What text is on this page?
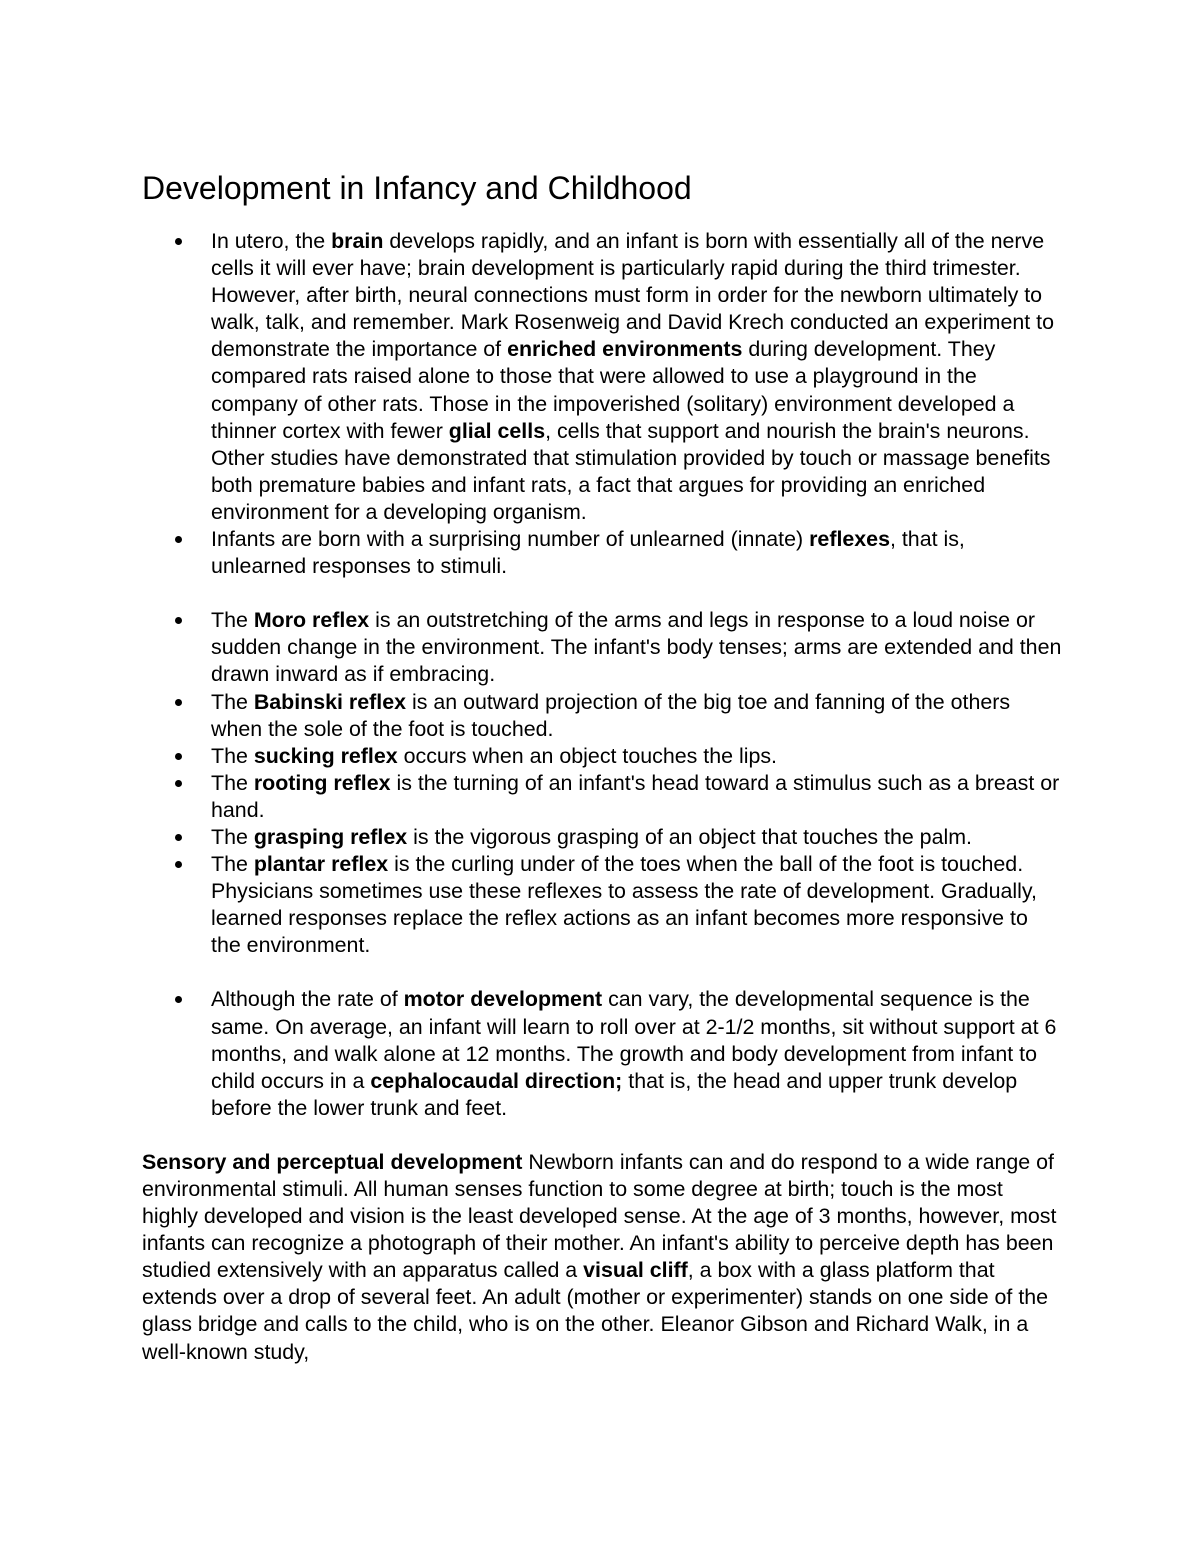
Development in Infancy and Childhood
In utero, the brain develops rapidly, and an infant is born with essentially all of the nerve cells it will ever have; brain development is particularly rapid during the third trimester. However, after birth, neural connections must form in order for the newborn ultimately to walk, talk, and remember. Mark Rosenweig and David Krech conducted an experiment to demonstrate the importance of enriched environments during development. They compared rats raised alone to those that were allowed to use a playground in the company of other rats. Those in the impoverished (solitary) environment developed a thinner cortex with fewer glial cells, cells that support and nourish the brain's neurons. Other studies have demonstrated that stimulation provided by touch or massage benefits both premature babies and infant rats, a fact that argues for providing an enriched environment for a developing organism.
Infants are born with a surprising number of unlearned (innate) reflexes, that is, unlearned responses to stimuli.
The Moro reflex is an outstretching of the arms and legs in response to a loud noise or sudden change in the environment. The infant's body tenses; arms are extended and then drawn inward as if embracing.
The Babinski reflex is an outward projection of the big toe and fanning of the others when the sole of the foot is touched.
The sucking reflex occurs when an object touches the lips.
The rooting reflex is the turning of an infant's head toward a stimulus such as a breast or hand.
The grasping reflex is the vigorous grasping of an object that touches the palm.
The plantar reflex is the curling under of the toes when the ball of the foot is touched. Physicians sometimes use these reflexes to assess the rate of development. Gradually, learned responses replace the reflex actions as an infant becomes more responsive to the environment.
Although the rate of motor development can vary, the developmental sequence is the same. On average, an infant will learn to roll over at 2-1/2 months, sit without support at 6 months, and walk alone at 12 months. The growth and body development from infant to child occurs in a cephalocaudal direction; that is, the head and upper trunk develop before the lower trunk and feet.

Sensory and perceptual development Newborn infants can and do respond to a wide range of environmental stimuli. All human senses function to some degree at birth; touch is the most highly developed and vision is the least developed sense. At the age of 3 months, however, most infants can recognize a photograph of their mother. An infant's ability to perceive depth has been studied extensively with an apparatus called a visual cliff, a box with a glass platform that extends over a drop of several feet. An adult (mother or experimenter) stands on one side of the glass bridge and calls to the child, who is on the other. Eleanor Gibson and Richard Walk, in a well-known study,
